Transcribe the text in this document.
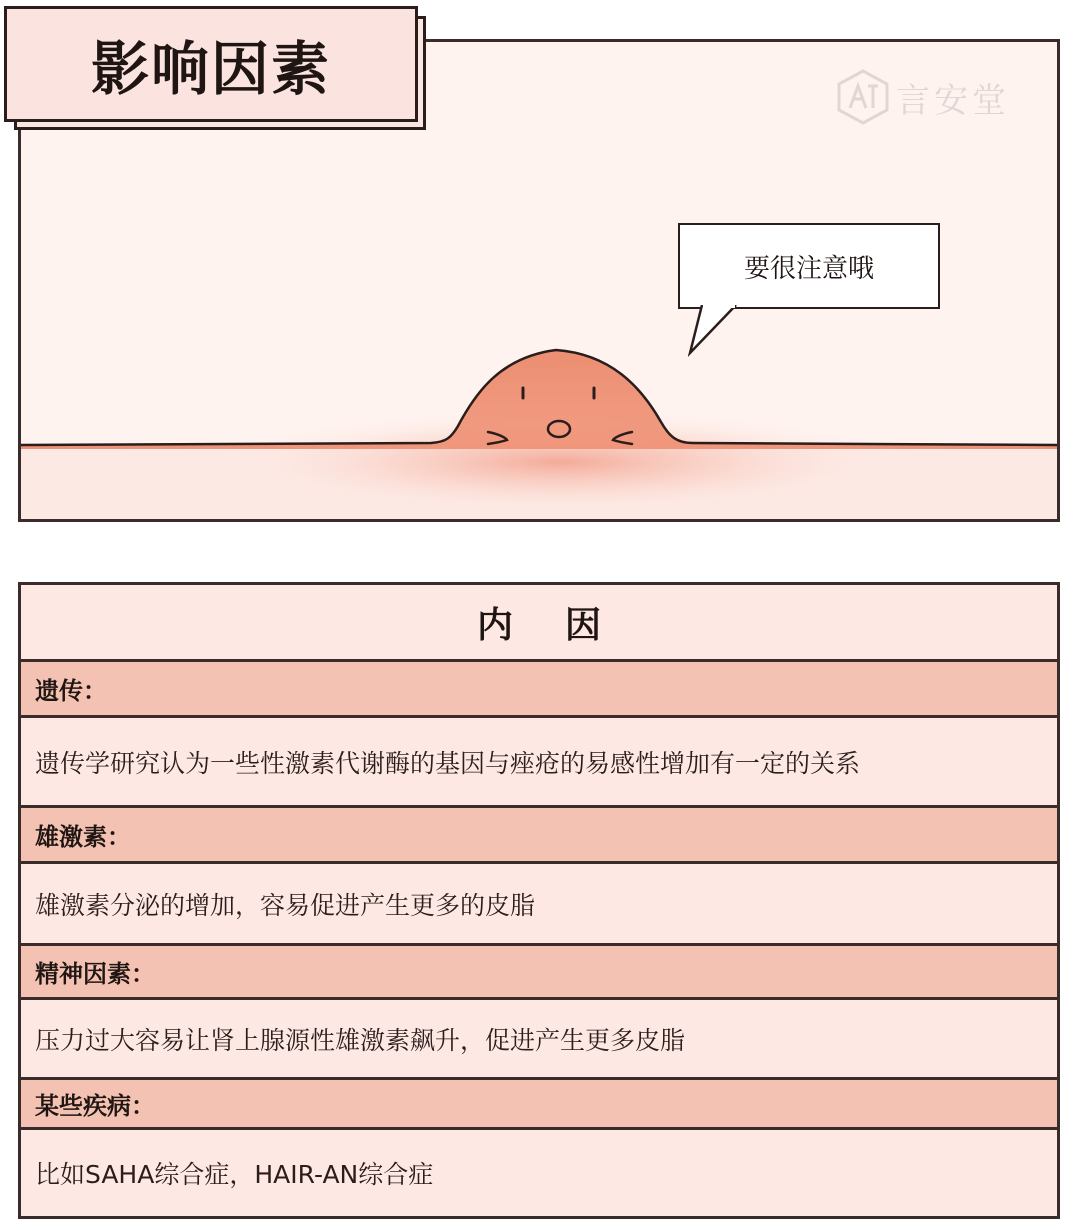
影响因素	言安堂
要很注意哦
内因
遗传：
遗传学研究认为一些性激素代谢酶的基因与痤疮的易感性增加有一定的关系
雄激素：
雄激素分泌的增加，容易促进产生更多的皮脂
精神因素：
压力过大容易让肾上腺源性雄激素飙升，促进产生更多皮脂
某些疾病：
比如SAHA综合症，HAIR-AN综合症
